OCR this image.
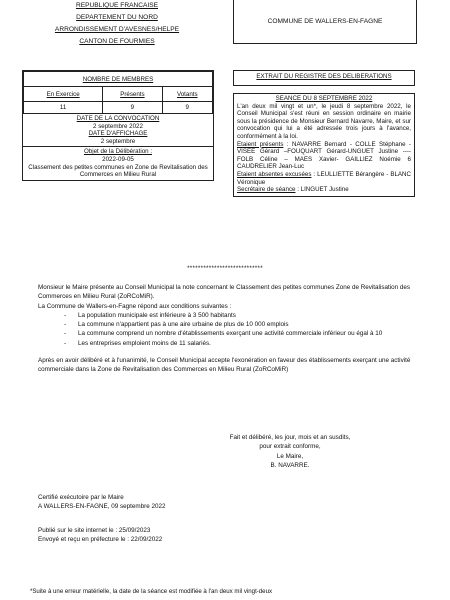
REPUBLIQUE FRANCAISE
DEPARTEMENT DU NORD
ARRONDISSEMENT D'AVESNES/HELPE
CANTON DE FOURMIES
COMMUNE DE WALLERS-EN-FAGNE
NOMBRE DE MEMBRES		
En Exercice	Présents	Votants
11	9	9
DATE DE LA CONVOCATION
2 septembre 2022
DATE D'AFFICHAGE
2 septembre
Objet de la Délibération :
2022-09-05
Classement des petites communes en Zone de Revitalisation des Commerces en Milieu Rural
EXTRAIT DU REGISTRE DES DELIBERATIONS
SEANCE DU 8 SEPTEMBRE 2022
L'an deux mil vingt et un*, le jeudi 8 septembre 2022, le Conseil Municipal s'est réuni en session ordinaire en mairie sous la présidence de Monsieur Bernard Navarre, Maire, et sur convocation qui lui a été adressée trois jours à l'avance, conformément à la loi.
Etaient présents : NAVARRE Bernard - COLLE Stéphane - VISEE Gérard –FOUQUART Gérard-UNGUET Justine ---- FOLB Céline – MAES Xavier- GAILLIEZ Noémie 6 CAUDRELIER Jean-Luc
Etaient absentes excusées : LEULLIETTE Bérangère - BLANC Véronique
Secrétaire de séance : LINGUET Justine
****************************

Monsieur le Maire présente au Conseil Municipal la note concernant le Classement des petites communes Zone de Revitalisation des Commerces en Milieu Rural (ZoRCoMiR).

La Commune de Wallers-en-Fagne répond aux conditions suivantes :

- La population municipale est inférieure à 3 500 habitants
- La commune n'appartient pas à une aire urbaine de plus de 10 000 emplois
- La commune comprend un nombre d'établissements exerçant une activité commerciale inférieur ou égal à 10
- Les entreprises emploient moins de 11 salariés.

Après en avoir délibéré et à l'unanimité, le Conseil Municipal accepte l'exonération en faveur des établissements exerçant une activité commerciale dans la Zone de Revitalisation des Commerces en Milieu Rural (ZoRCoMiR)

Fait et délibéré, les jour, mois et an susdits,
pour extrait conforme,
Le Maire,
B. NAVARRE.
Certifié exécutoire par le Maire
A WALLERS-EN-FAGNE, 09 septembre 2022
Publié sur le site internet le : 25/09/2023
Envoyé et reçu en préfecture le : 22/09/2022
*Suite à une erreur matérielle, la date de la séance est modifiée à l'an deux mil vingt-deux
